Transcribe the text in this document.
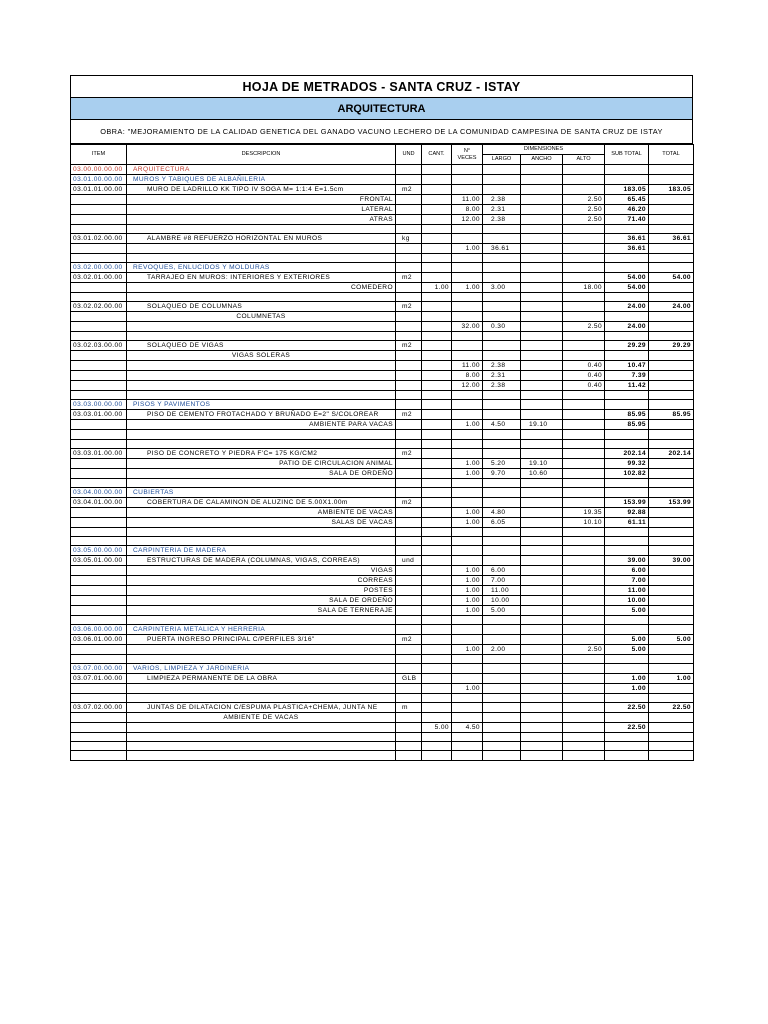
HOJA DE METRADOS - SANTA CRUZ - ISTAY
ARQUITECTURA
OBRA: "MEJORAMIENTO DE LA CALIDAD GENETICA DEL GANADO VACUNO LECHERO DE LA COMUNIDAD CAMPESINA DE SANTA CRUZ DE ISTAY
ITEM	DESCRIPCION	UND	CANT.	N° VECES	DIMENSIONES			SUB TOTAL	TOTAL
					LARGO	ANCHO	ALTO		
03.00.00.00.00	ARQUITECTURA								
03.01.00.00.00	MUROS Y TABIQUES DE ALBAÑILERIA								
03.01.01.00.00	MURO DE LADRILLO KK TIPO IV SOGA M= 1:1:4 E=1.5cm	m2						183.05	183.05
	FRONTAL			11.00	2.38		2.50	65.45	
	LATERAL			8.00	2.31		2.50	46.20	
	ATRAS			12.00	2.38		2.50	71.40	

03.01.02.00.00	ALAMBRE #8 REFUERZO HORIZONTAL EN MUROS	kg						36.61	36.61
				1.00	36.61			36.61	

03.02.00.00.00	REVOQUES, ENLUCIDOS Y MOLDURAS								
03.02.01.00.00	TARRAJEO EN MUROS: INTERIORES Y EXTERIORES	m2						54.00	54.00
	COMEDERO		1.00	1.00	3.00		18.00	54.00	

03.02.02.00.00	SOLAQUEO DE COLUMNAS	m2						24.00	24.00
	COLUMNETAS								
				32.00	0.30		2.50	24.00	

03.02.03.00.00	SOLAQUEO DE VIGAS	m2						29.29	29.29
	VIGAS SOLERAS								
				11.00	2.38		0.40	10.47	
				8.00	2.31		0.40	7.39	
				12.00	2.38		0.40	11.42	

03.03.00.00.00	PISOS Y PAVIMENTOS								
03.03.01.00.00	PISO DE CEMENTO FROTACHADO Y BRUÑADO E=2" S/COLOREAR	m2						85.95	85.95
	AMBIENTE PARA VACAS			1.00	4.50	19.10		85.95	

03.03.01.00.00	PISO DE CONCRETO Y PIEDRA F'C= 175 KG/CM2	m2						202.14	202.14
	PATIO DE CIRCULACION ANIMAL			1.00	5.20	19.10		99.32	
	SALA DE ORDEÑO			1.00	9.70	10.60		102.82	

03.04.00.00.00	CUBIERTAS								
03.04.01.00.00	COBERTURA DE CALAMINON DE ALUZINC DE 5.00X1.00m	m2						153.99	153.99
	AMBIENTE DE VACAS			1.00	4.80		19.35	92.88	
	SALAS DE VACAS			1.00	6.05		10.10	61.11	

03.05.00.00.00	CARPINTERIA DE MADERA								
03.05.01.00.00	ESTRUCTURAS DE MADERA (COLUMNAS, VIGAS, CORREAS)	und						39.00	39.00
	VIGAS			1.00	6.00			6.00	
	CORREAS			1.00	7.00			7.00	
	POSTES			1.00	11.00			11.00	
	SALA DE ORDEÑO			1.00	10.00			10.00	
	SALA DE TERNERAJE			1.00	5.00			5.00	

03.06.00.00.00	CARPINTERIA METALICA Y HERRERIA								
03.06.01.00.00	PUERTA INGRESO PRINCIPAL C/PERFILES 3/16"	m2						5.00	5.00
				1.00	2.00		2.50	5.00	

03.07.00.00.00	VARIOS, LIMPIEZA Y JARDINERIA								
03.07.01.00.00	LIMPIEZA PERMANENTE DE LA OBRA	GLB						1.00	1.00
				1.00				1.00	

03.07.02.00.00	JUNTAS DE DILATACION C/ESPUMA PLASTICA+CHEMA, JUNTA NE	m						22.50	22.50
	AMBIENTE DE VACAS								
			5.00	4.50				22.50	
